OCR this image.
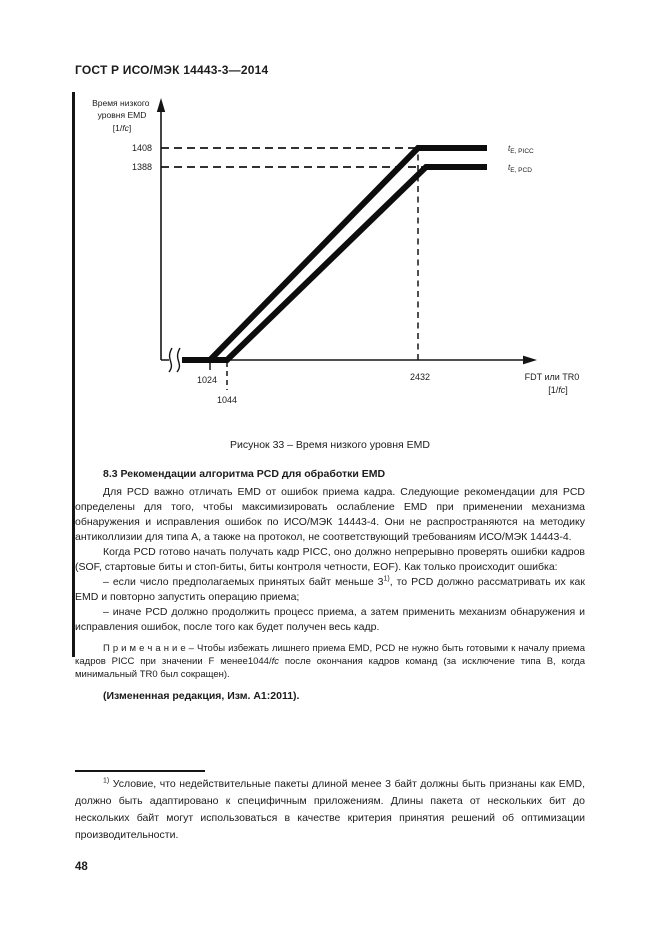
ГОСТ Р ИСО/МЭК 14443-3—2014
Время низкого уровня EMD
[1/fc]
1408
1388
1024
1044
2432
$t_{E, PICC}$
$t_{E, PCD}$
FDT или TR0
[1/fc]

Рисунок 33 – Время низкого уровня EMD

8.3 Рекомендации алгоритма PCD для обработки EMD

Для PCD важно отличать EMD от ошибок приема кадра. Следующие рекомендации для PCD определены для того, чтобы максимизировать ослабление EMD при применении механизма обнаружения и исправления ошибок по ИСО/МЭК 14443-4. Они не распространяются на методику антиколлизии для типа А, а также на протокол, не соответствующий требованиям ИСО/МЭК 14443-4.

Когда PCD готово начать получать кадр PICC, оно должно непрерывно проверять ошибки кадров (SOF, стартовые биты и стоп-биты, биты контроля четности, EOF). Как только происходит ошибка:

– если число предполагаемых принятых байт меньше 3$^{1)}$, то PCD должно рассматривать их как EMD и повторно запустить операцию приема;

– иначе PCD должно продолжить процесс приема, а затем применить механизм обнаружения и исправления ошибок, после того как будет получен весь кадр.

П р и м е ч а н и е – Чтобы избежать лишнего приема EMD, PCD не нужно быть готовыми к началу приема кадров PICC при значении F менее1044/fc после окончания кадров команд (за исключение типа В, когда минимальный TR0 был сокращен).

(Измененная редакция, Изм. А1:2011).

$^{1)}$ Условие, что недействительные пакеты длиной менее 3 байт должны быть признаны как EMD, должно быть адаптировано к специфичным приложениям. Длины пакета от нескольких бит до нескольких байт могут использоваться в качестве критерия принятия решений об оптимизации производительности.

48
